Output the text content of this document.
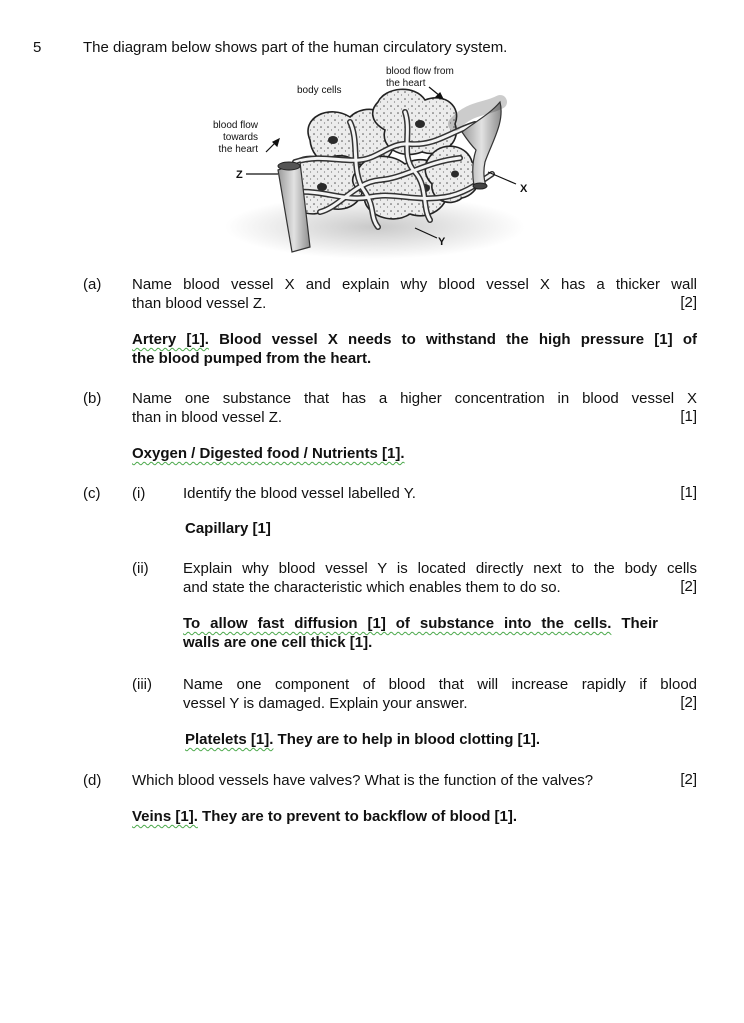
5	The diagram below shows part of the human circulatory system.
blood flow from
the heart
body cells
blood flow
towards
the heart
Z
X
Y
(a) Name blood vessel X and explain why blood vessel X has a thicker wall
than blood vessel Z.	[2]
Artery [1]. Blood vessel X needs to withstand the high pressure [1] of
the blood pumped from the heart.
(b) Name one substance that has a higher concentration in blood vessel X
than in blood vessel Z.	[1]
Oxygen / Digested food / Nutrients [1].
(c) (i)	Identify the blood vessel labelled Y.	[1]
Capillary [1]
(ii) Explain why blood vessel Y is located directly next to the body cells
and state the characteristic which enables them to do so.	[2]
To allow fast diffusion [1] of substance into the cells. Their
walls are one cell thick [1].
(iii) Name one component of blood that will increase rapidly if blood
vessel Y is damaged. Explain your answer.	[2]
Platelets [1]. They are to help in blood clotting [1].
(d) Which blood vessels have valves? What is the function of the valves?	[2]
Veins [1]. They are to prevent to backflow of blood [1].
